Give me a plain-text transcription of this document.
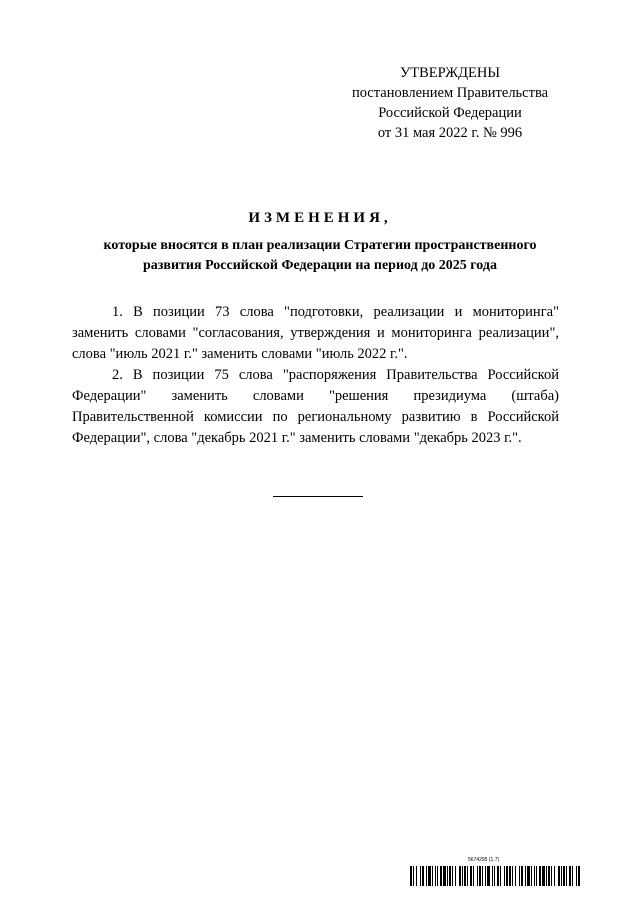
УТВЕРЖДЕНЫ
постановлением Правительства
Российской Федерации
от 31 мая 2022 г. № 996
ИЗМЕНЕНИЯ,
которые вносятся в план реализации Стратегии пространственного
развития Российской Федерации на период до 2025 года

1. В позиции 73 слова "подготовки, реализации и мониторинга" заменить словами "согласования, утверждения и мониторинга реализации", слова "июль 2021 г." заменить словами "июль 2022 г.".

2. В позиции 75 слова "распоряжения Правительства Российской Федерации" заменить словами "решения президиума (штаба) Правительственной комиссии по региональному развитию в Российской Федерации", слова "декабрь 2021 г." заменить словами "декабрь 2023 г.".

5674295 (1.7)
